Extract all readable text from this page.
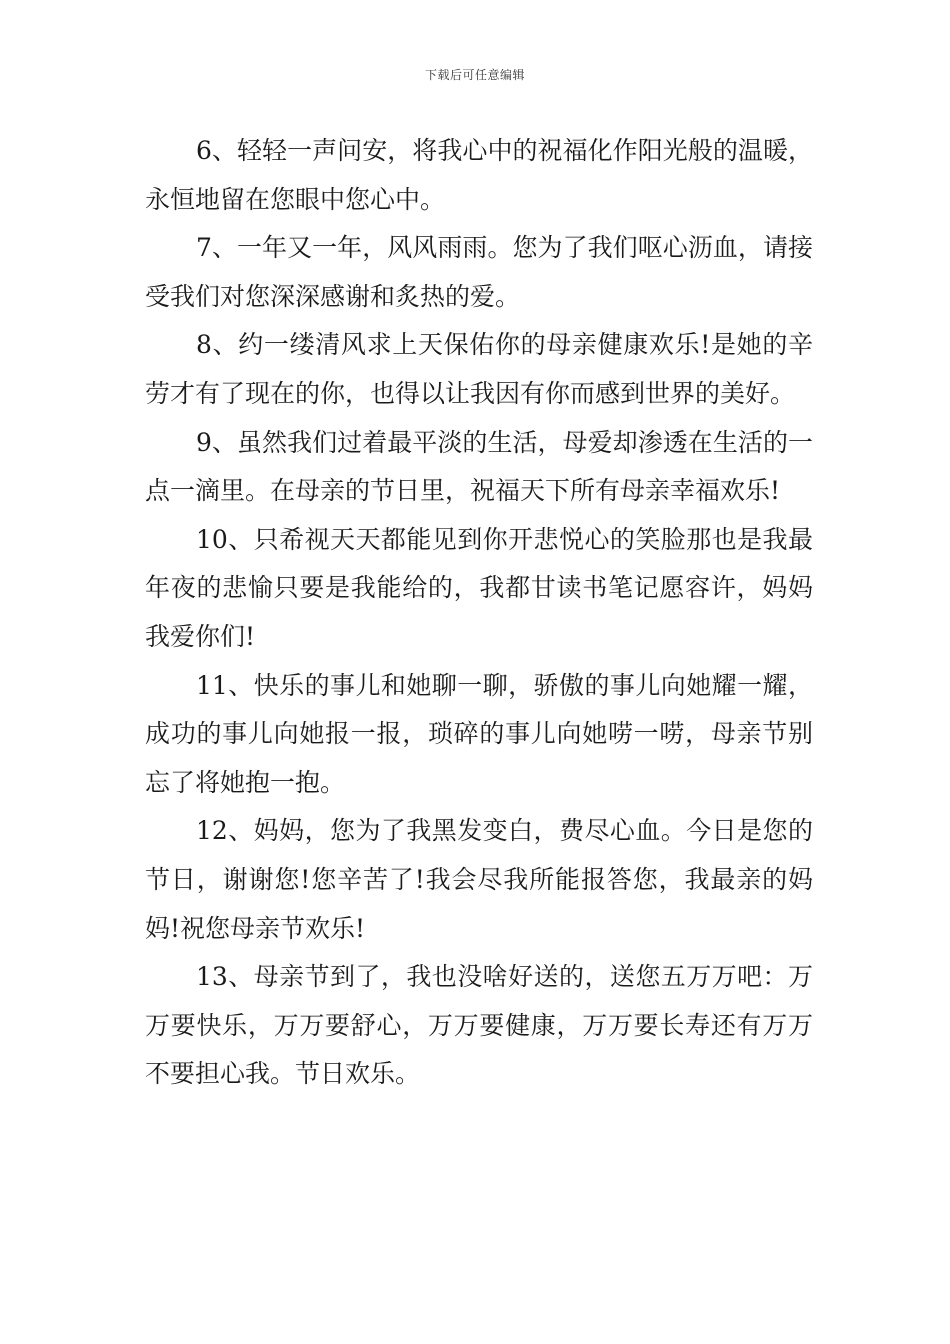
下载后可任意编辑

6、轻轻一声问安，将我心中的祝福化作阳光般的温暖，永恒地留在您眼中您心中。

7、一年又一年，风风雨雨。您为了我们呕心沥血，请接受我们对您深深感谢和炙热的爱。

8、约一缕清风求上天保佑你的母亲健康欢乐!是她的辛劳才有了现在的你，也得以让我因有你而感到世界的美好。

9、虽然我们过着最平淡的生活，母爱却渗透在生活的一点一滴里。在母亲的节日里，祝福天下所有母亲幸福欢乐!

10、只希视天天都能见到你开悲悦心的笑脸那也是我最年夜的悲愉只要是我能给的，我都甘读书笔记愿容许，妈妈我爱你们!

11、快乐的事儿和她聊一聊，骄傲的事儿向她耀一耀，成功的事儿向她报一报，琐碎的事儿向她唠一唠，母亲节别忘了将她抱一抱。

12、妈妈，您为了我黑发变白，费尽心血。今日是您的节日，谢谢您!您辛苦了!我会尽我所能报答您，我最亲的妈妈!祝您母亲节欢乐!

13、母亲节到了，我也没啥好送的，送您五万万吧：万万要快乐，万万要舒心，万万要健康，万万要长寿还有万万不要担心我。节日欢乐。
